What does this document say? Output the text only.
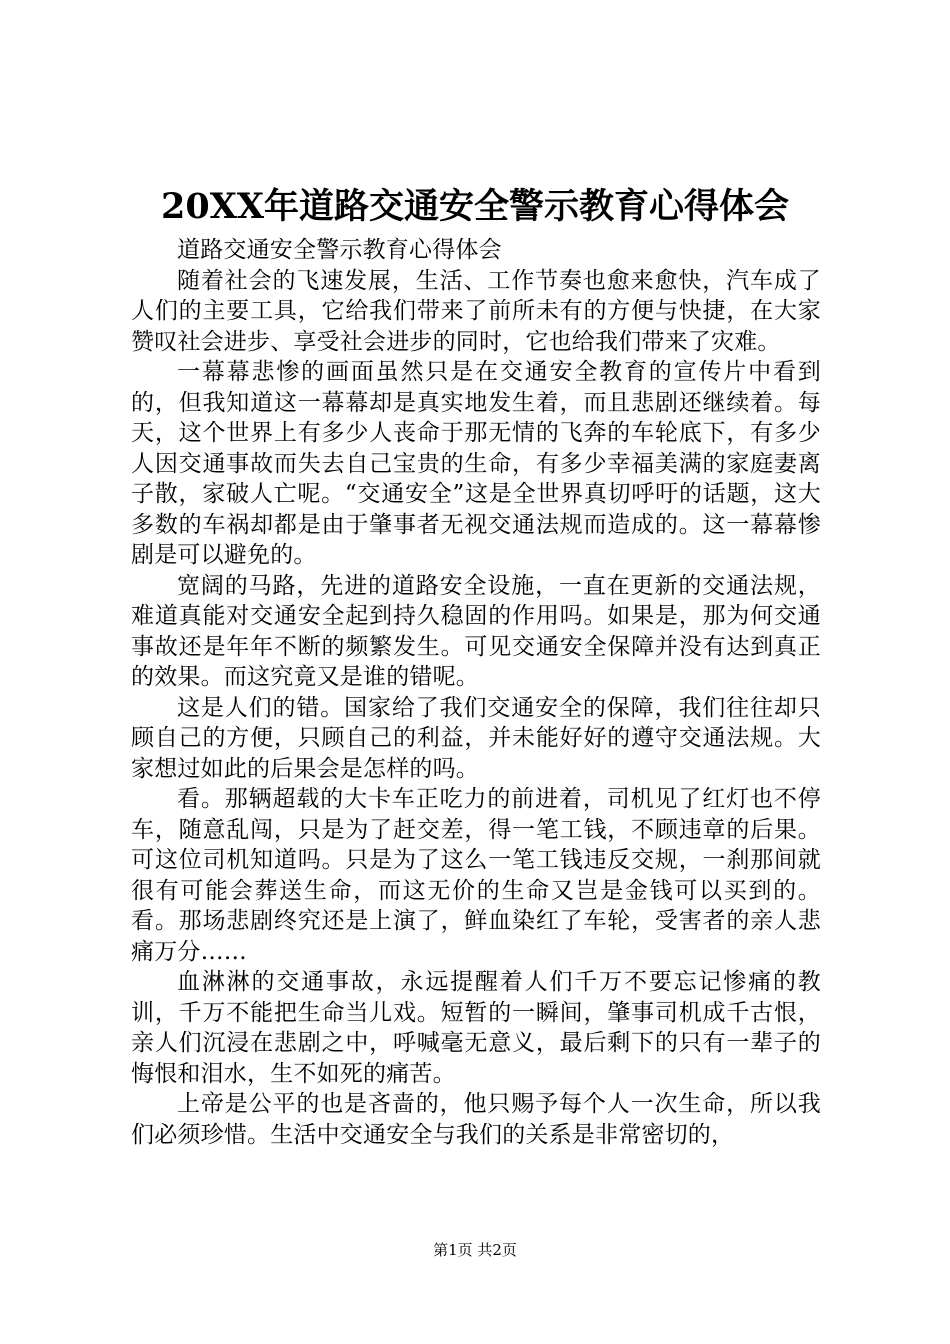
20XX年道路交通安全警示教育心得体会

道路交通安全警示教育心得体会

随着社会的飞速发展，生活、工作节奏也愈来愈快，汽车成了人们的主要工具，它给我们带来了前所未有的方便与快捷，在大家赞叹社会进步、享受社会进步的同时，它也给我们带来了灾难。

一幕幕悲惨的画面虽然只是在交通安全教育的宣传片中看到的，但我知道这一幕幕却是真实地发生着，而且悲剧还继续着。每天，这个世界上有多少人丧命于那无情的飞奔的车轮底下，有多少人因交通事故而失去自己宝贵的生命，有多少幸福美满的家庭妻离子散，家破人亡呢。“交通安全”这是全世界真切呼吁的话题，这大多数的车祸却都是由于肇事者无视交通法规而造成的。这一幕幕惨剧是可以避免的。

宽阔的马路，先进的道路安全设施，一直在更新的交通法规，难道真能对交通安全起到持久稳固的作用吗。如果是，那为何交通事故还是年年不断的频繁发生。可见交通安全保障并没有达到真正的效果。而这究竟又是谁的错呢。

这是人们的错。国家给了我们交通安全的保障，我们往往却只顾自己的方便，只顾自己的利益，并未能好好的遵守交通法规。大家想过如此的后果会是怎样的吗。

看。那辆超载的大卡车正吃力的前进着，司机见了红灯也不停车，随意乱闯，只是为了赶交差，得一笔工钱，不顾违章的后果。可这位司机知道吗。只是为了这么一笔工钱违反交规，一刹那间就很有可能会葬送生命，而这无价的生命又岂是金钱可以买到的。看。那场悲剧终究还是上演了，鲜血染红了车轮，受害者的亲人悲痛万分……

血淋淋的交通事故，永远提醒着人们千万不要忘记惨痛的教训，千万不能把生命当儿戏。短暂的一瞬间，肇事司机成千古恨，亲人们沉浸在悲剧之中，呼喊毫无意义，最后剩下的只有一辈子的悔恨和泪水，生不如死的痛苦。

上帝是公平的也是吝啬的，他只赐予每个人一次生命，所以我们必须珍惜。生活中交通安全与我们的关系是非常密切的，

第1页 共2页
